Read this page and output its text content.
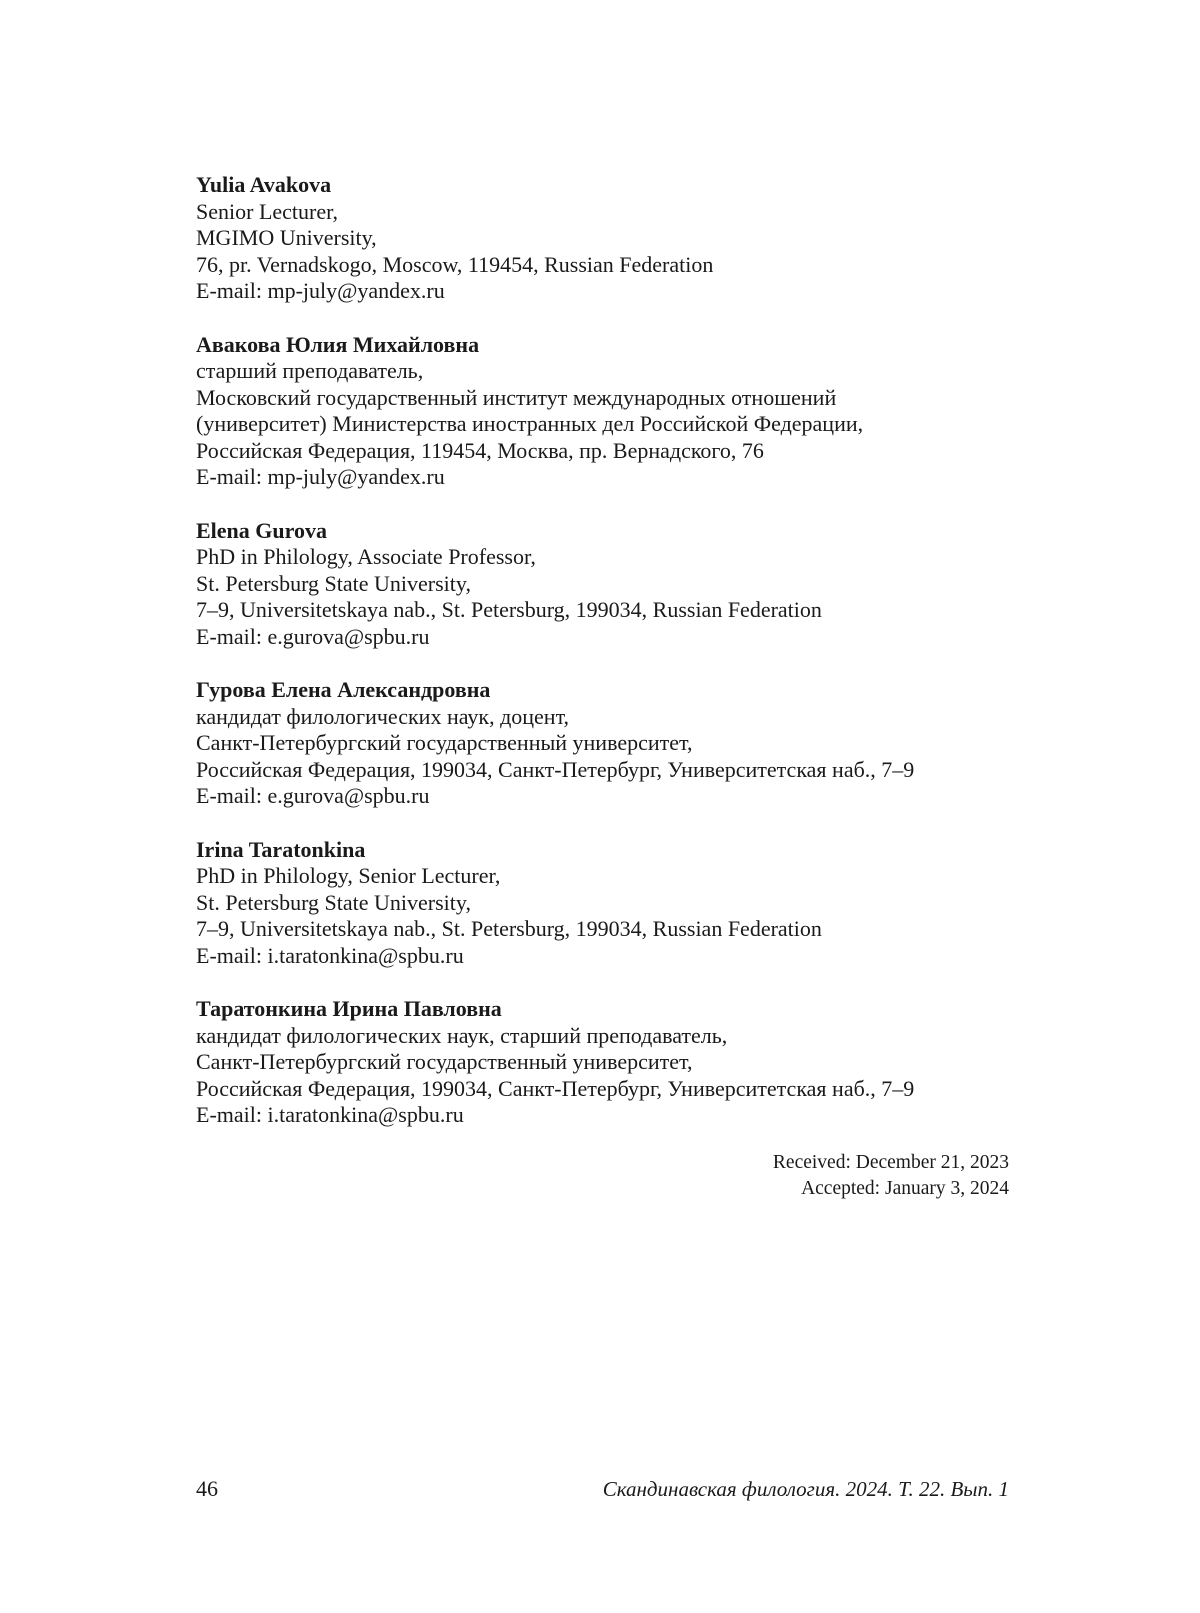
Yulia Avakova
Senior Lecturer,
MGIMO University,
76, pr. Vernadskogo, Moscow, 119454, Russian Federation
E-mail: mp-july@yandex.ru
Авакова Юлия Михайловна
старший преподаватель,
Московский государственный институт международных отношений
(университет) Министерства иностранных дел Российской Федерации,
Российская Федерация, 119454, Москва, пр. Вернадского, 76
E-mail: mp-july@yandex.ru
Elena Gurova
PhD in Philology, Associate Professor,
St. Petersburg State University,
7–9, Universitetskaya nab., St. Petersburg, 199034, Russian Federation
E-mail: e.gurova@spbu.ru
Гурова Елена Александровна
кандидат филологических наук, доцент,
Санкт-Петербургский государственный университет,
Российская Федерация, 199034, Санкт-Петербург, Университетская наб., 7–9
E-mail: e.gurova@spbu.ru
Irina Taratonkina
PhD in Philology, Senior Lecturer,
St. Petersburg State University,
7–9, Universitetskaya nab., St. Petersburg, 199034, Russian Federation
E-mail: i.taratonkina@spbu.ru
Таратонкина Ирина Павловна
кандидат филологических наук, старший преподаватель,
Санкт-Петербургский государственный университет,
Российская Федерация, 199034, Санкт-Петербург, Университетская наб., 7–9
E-mail: i.taratonkina@spbu.ru
Received: December 21, 2023
Accepted: January 3, 2024
46	Скандинавская филология. 2024. Т. 22. Вып. 1
